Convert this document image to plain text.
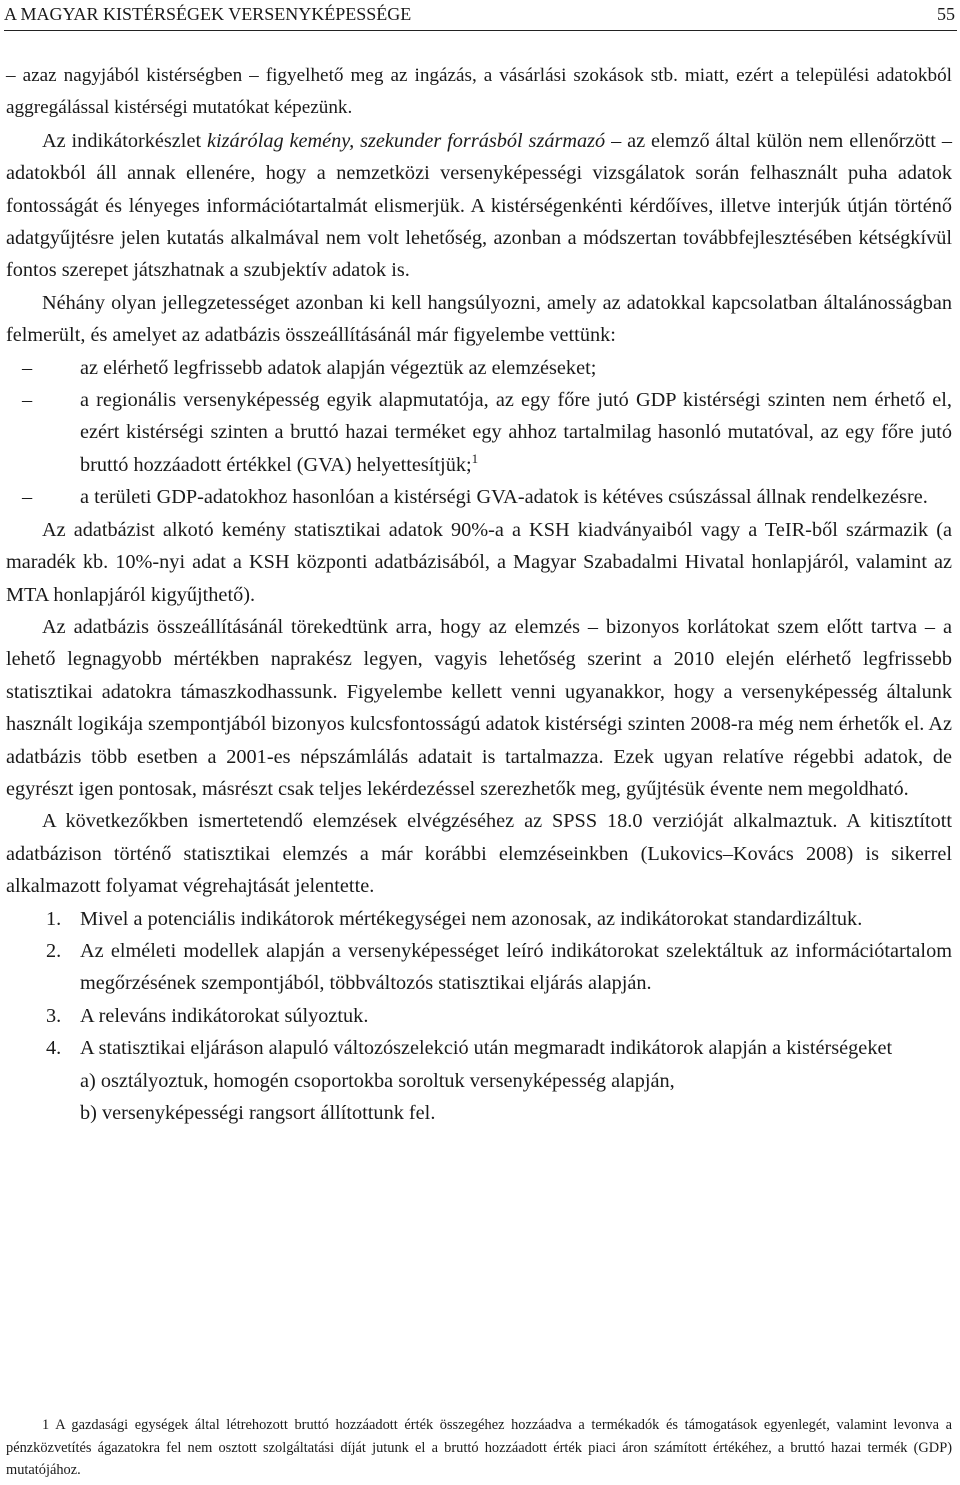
A MAGYAR KISTÉRSÉGEK VERSENYKÉPESSÉGE	55

– azaz nagyjából kistérségben – figyelhető meg az ingázás, a vásárlási szokások stb. miatt, ezért a települési adatokból aggregálással kistérségi mutatókat képezünk.

Az indikátorkészlet kizárólag kemény, szekunder forrásból származó – az elemző által külön nem ellenőrzött – adatokból áll annak ellenére, hogy a nemzetközi versenyképességi vizsgálatok során felhasznált puha adatok fontosságát és lényeges információtartalmát elismerjük. A kistérségenkénti kérdőíves, illetve interjúk útján történő adatgyűjtésre jelen kutatás alkalmával nem volt lehetőség, azonban a módszertan továbbfejlesztésében kétségkívül fontos szerepet játszhatnak a szubjektív adatok is.

Néhány olyan jellegzetességet azonban ki kell hangsúlyozni, amely az adatokkal kapcsolatban általánosságban felmerült, és amelyet az adatbázis összeállításánál már figyelembe vettünk:

– az elérhető legfrissebb adatok alapján végeztük az elemzéseket;
– a regionális versenyképesség egyik alapmutatója, az egy főre jutó GDP kistérségi szinten nem érhető el, ezért kistérségi szinten a bruttó hazai terméket egy ahhoz tartalmilag hasonló mutatóval, az egy főre jutó bruttó hozzáadott értékkel (GVA) helyettesítjük;$^1$
– a területi GDP-adatokhoz hasonlóan a kistérségi GVA-adatok is kétéves csúszással állnak rendelkezésre.

Az adatbázist alkotó kemény statisztikai adatok 90%-a a KSH kiadványaiból vagy a TeIR-ből származik (a maradék kb. 10%-nyi adat a KSH központi adatbázisából, a Magyar Szabadalmi Hivatal honlapjáról, valamint az MTA honlapjáról kigyűjthető).

Az adatbázis összeállításánál törekedtünk arra, hogy az elemzés – bizonyos korlátokat szem előtt tartva – a lehető legnagyobb mértékben naprakész legyen, vagyis lehetőség szerint a 2010 elején elérhető legfrissebb statisztikai adatokra támaszkodhassunk. Figyelembe kellett venni ugyanakkor, hogy a versenyképesség általunk használt logikája szempontjából bizonyos kulcsfontosságú adatok kistérségi szinten 2008-ra még nem érhetők el. Az adatbázis több esetben a 2001-es népszámlálás adatait is tartalmazza. Ezek ugyan relatíve régebbi adatok, de egyrészt igen pontosak, másrészt csak teljes lekérdezéssel szerezhetők meg, gyűjtésük évente nem megoldható.

A következőkben ismertetendő elemzések elvégzéséhez az SPSS 18.0 verzióját alkalmaztuk. A kitisztított adatbázison történő statisztikai elemzés a már korábbi elemzéseinkben (Lukovics–Kovács 2008) is sikerrel alkalmazott folyamat végrehajtását jelentette.

1. Mivel a potenciális indikátorok mértékegységei nem azonosak, az indikátorokat standardizáltuk.
2. Az elméleti modellek alapján a versenyképességet leíró indikátorokat szelektáltuk az információtartalom megőrzésének szempontjából, többváltozós statisztikai eljárás alapján.
3. A releváns indikátorokat súlyoztuk.
4. A statisztikai eljáráson alapuló változószelekció után megmaradt indikátorok alapján a kistérségeket
a) osztályoztuk, homogén csoportokba soroltuk versenyképesség alapján,
b) versenyképességi rangsort állítottunk fel.
1 A gazdasági egységek által létrehozott bruttó hozzáadott érték összegéhez hozzáadva a termékadók és támogatások egyenlegét, valamint levonva a pénzközvetítés ágazatokra fel nem osztott szolgáltatási díját jutunk el a bruttó hozzáadott érték piaci áron számított értékéhez, a bruttó hazai termék (GDP) mutatójához.
